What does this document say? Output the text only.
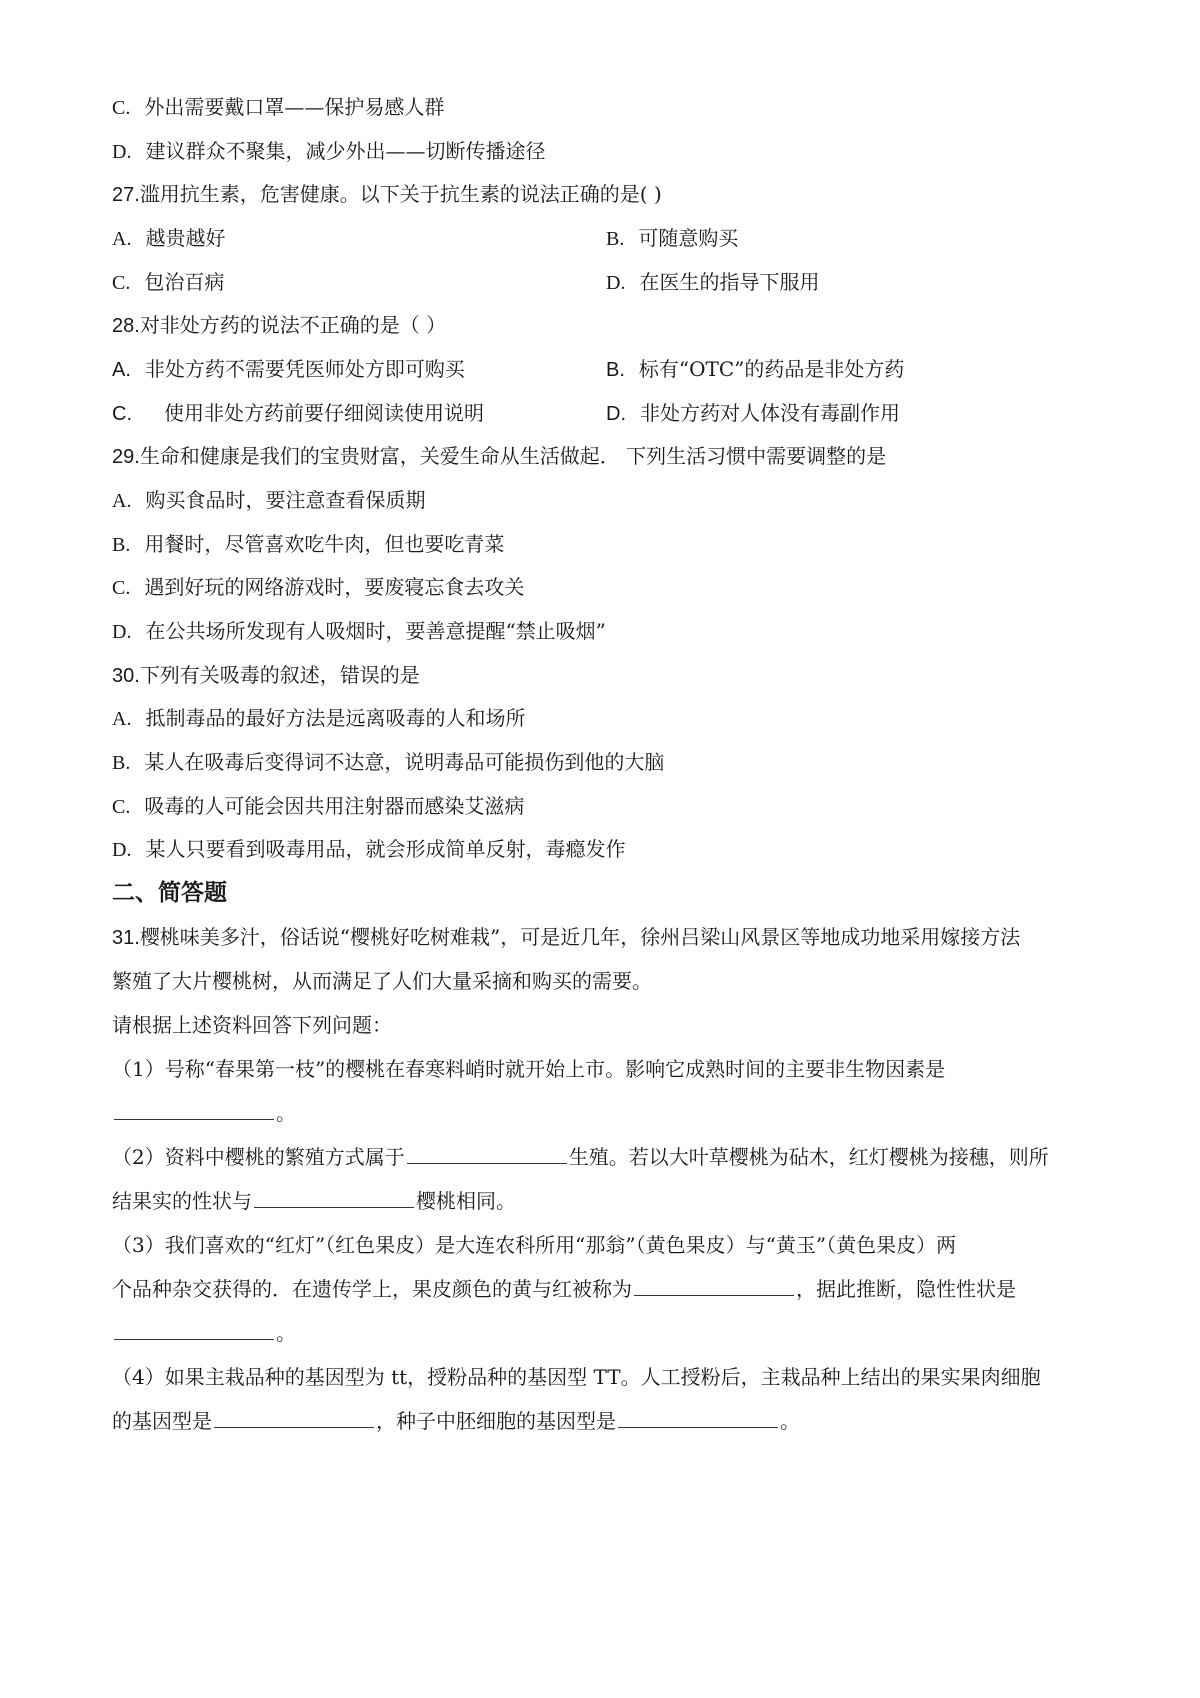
C. 外出需要戴口罩——保护易感人群
D. 建议群众不聚集，减少外出——切断传播途径
27.滥用抗生素，危害健康。以下关于抗生素的说法正确的是( )
A. 越贵越好	B. 可随意购买
C. 包治百病	D. 在医生的指导下服用
28.对非处方药的说法不正确的是（ ）
A. 非处方药不需要凭医师处方即可购买	B. 标有“OTC”的药品是非处方药
C. 使用非处方药前要仔细阅读使用说明	D. 非处方药对人体没有毒副作用
29.生命和健康是我们的宝贵财富，关爱生命从生活做起． 下列生活习惯中需要调整的是
A. 购买食品时，要注意查看保质期
B. 用餐时，尽管喜欢吃牛肉，但也要吃青菜
C. 遇到好玩的网络游戏时，要废寝忘食去攻关
D. 在公共场所发现有人吸烟时，要善意提醒“禁止吸烟”
30.下列有关吸毒的叙述，错误的是
A. 抵制毒品的最好方法是远离吸毒的人和场所
B. 某人在吸毒后变得词不达意，说明毒品可能损伤到他的大脑
C. 吸毒的人可能会因共用注射器而感染艾滋病
D. 某人只要看到吸毒用品，就会形成简单反射，毒瘾发作
二、简答题
31.樱桃味美多汁，俗话说“樱桃好吃树难栽”，可是近几年，徐州吕梁山风景区等地成功地采用嫁接方法
繁殖了大片樱桃树，从而满足了人们大量采摘和购买的需要。
请根据上述资料回答下列问题：
（1）号称“春果第一枝”的樱桃在春寒料峭时就开始上市。影响它成熟时间的主要非生物因素是
。
（2）资料中樱桃的繁殖方式属于	生殖。若以大叶草樱桃为砧木，红灯樱桃为接穗，则所
结果实的性状与	樱桃相同。
（3）我们喜欢的“红灯”（红色果皮）是大连农科所用“那翁”（黄色果皮）与“黄玉”（黄色果皮）两
个品种杂交获得的．在遗传学上，果皮颜色的黄与红被称为	，据此推断，隐性性状是
。
（4）如果主栽品种的基因型为 tt，授粉品种的基因型 TT。人工授粉后，主栽品种上结出的果实果肉细胞
的基因型是	，种子中胚细胞的基因型是	。
